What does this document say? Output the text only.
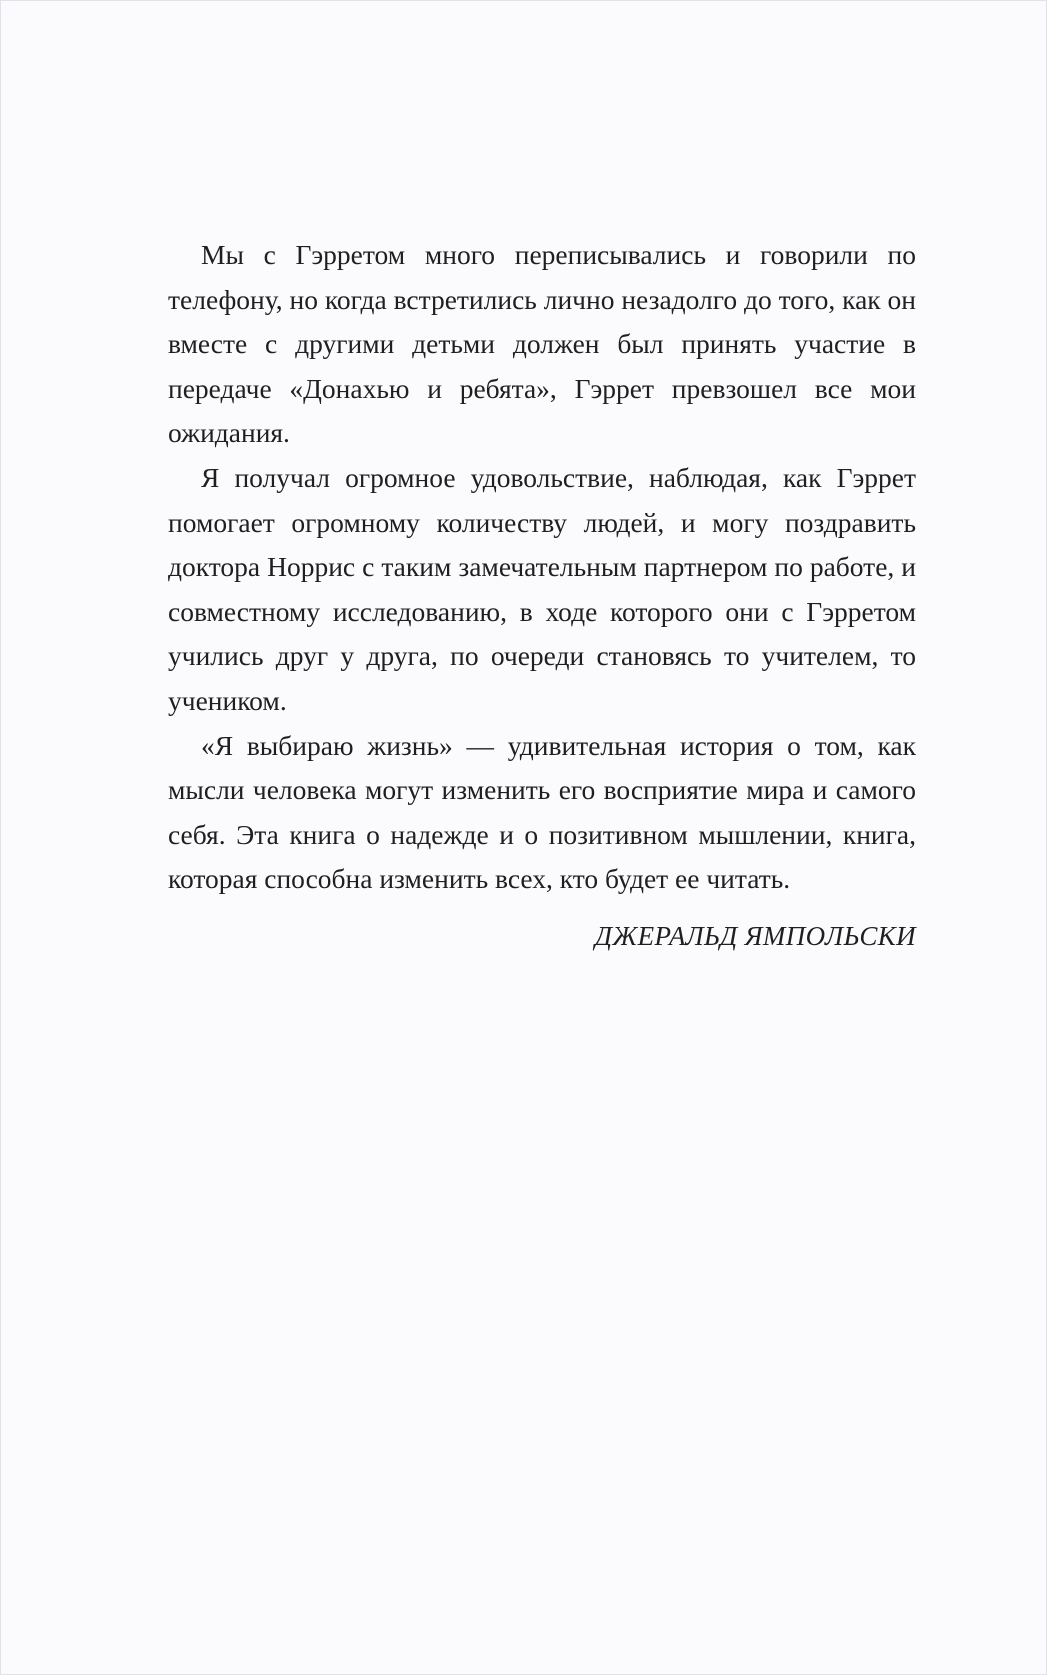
Мы с Гэрретом много переписывались и говорили по телефону, но когда встретились лично незадолго до того, как он вместе с другими детьми должен был принять участие в передаче «Донахью и ребята», Гэррет превзошел все мои ожидания.

Я получал огромное удовольствие, наблюдая, как Гэррет помогает огромному количеству людей, и могу поздравить доктора Норрис с таким замечательным партнером по работе, и совместному исследованию, в ходе которого они с Гэрретом учились друг у друга, по очереди становясь то учителем, то учеником.

«Я выбираю жизнь» — удивительная история о том, как мысли человека могут изменить его восприятие мира и самого себя. Эта книга о надежде и о позитивном мышлении, книга, которая способна изменить всех, кто будет ее читать.

ДЖЕРАЛЬД ЯМПОЛЬСКИ
